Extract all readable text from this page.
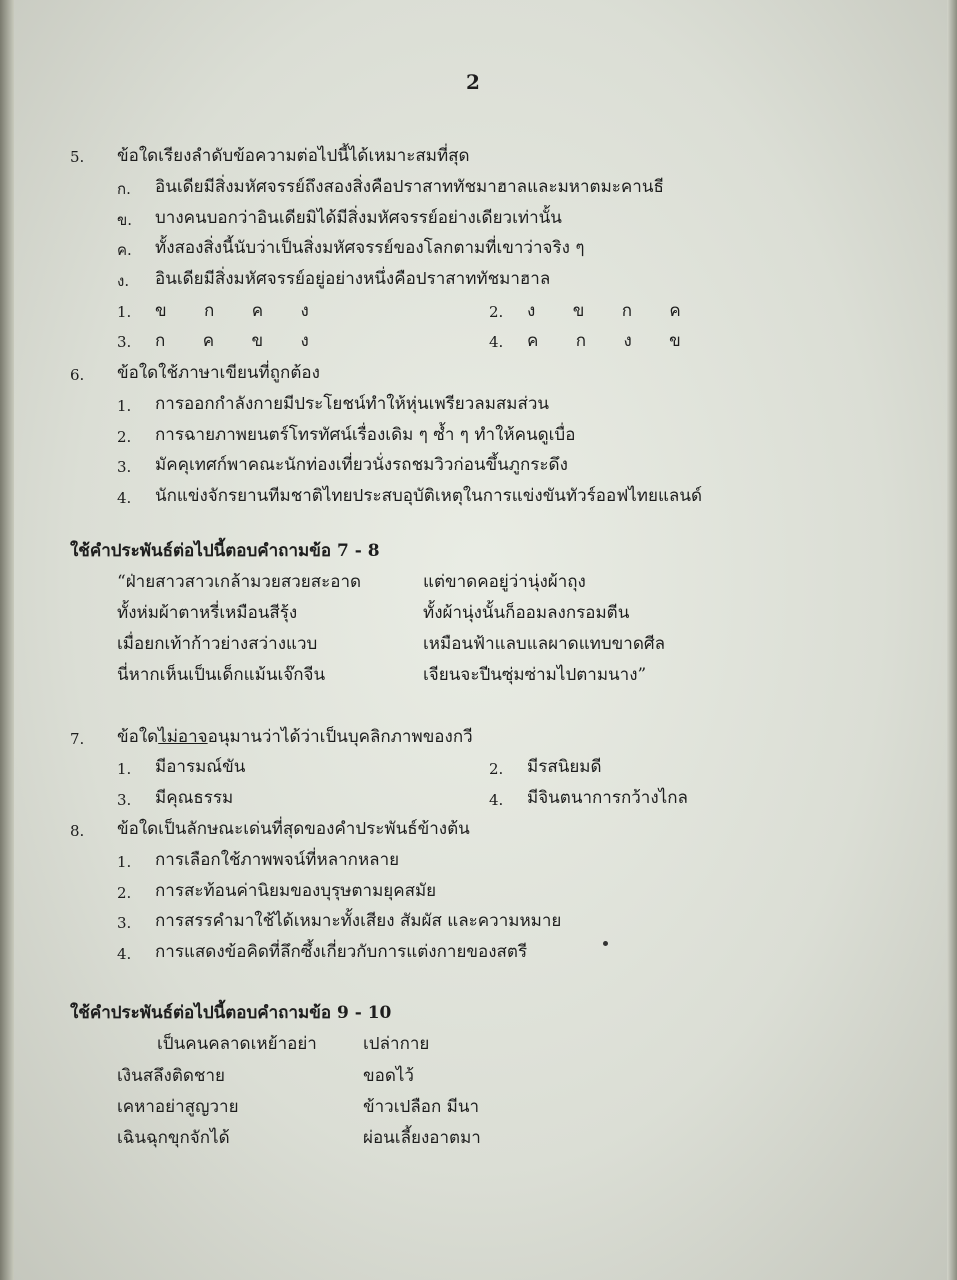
2
5. ข้อใดเรียงลำดับข้อความต่อไปนี้ได้เหมาะสมที่สุด
ก. อินเดียมีสิ่งมหัศจรรย์ถึงสองสิ่งคือปราสาททัชมาฮาลและมหาตมะคานธี
ข. บางคนบอกว่าอินเดียมิได้มีสิ่งมหัศจรรย์อย่างเดียวเท่านั้น
ค. ทั้งสองสิ่งนี้นับว่าเป็นสิ่งมหัศจรรย์ของโลกตามที่เขาว่าจริง ๆ
ง. อินเดียมีสิ่งมหัศจรรย์อยู่อย่างหนึ่งคือปราสาททัชมาฮาล
1. ข ก ค ง	2. ง ข ก ค
3. ก ค ข ง	4. ค ก ง ข
6. ข้อใดใช้ภาษาเขียนที่ถูกต้อง
1. การออกกำลังกายมีประโยชน์ทำให้หุ่นเพรียวลมสมส่วน
2. การฉายภาพยนตร์โทรทัศน์เรื่องเดิม ๆ ซ้ำ ๆ ทำให้คนดูเบื่อ
3. มัคคุเทศก์พาคณะนักท่องเที่ยวนั่งรถชมวิวก่อนขึ้นภูกระดึง
4. นักแข่งจักรยานทีมชาติไทยประสบอุบัติเหตุในการแข่งขันทัวร์ออฟไทยแลนด์
ใช้คำประพันธ์ต่อไปนี้ตอบคำถามข้อ 7 - 8
“ฝ่ายสาวสาวเกล้ามวยสวยสะอาด	แต่ขาดคอยู่ว่านุ่งผ้าถุง
ทั้งห่มผ้าตาหรี่เหมือนสีรุ้ง	ทั้งผ้านุ่งนั้นก็ออมลงกรอมตีน
เมื่อยกเท้าก้าวย่างสว่างแวบ	เหมือนฟ้าแลบแลผาดแทบขาดศีล
นี่หากเห็นเป็นเด็กแม้นเจ๊กจีน	เจียนจะปีนซุ่มซ่ามไปตามนาง”
7. ข้อใดไม่อาจอนุมานว่าได้ว่าเป็นบุคลิกภาพของกวี
1. มีอารมณ์ขัน	2. มีรสนิยมดี
3. มีคุณธรรม	4. มีจินตนาการกว้างไกล
8. ข้อใดเป็นลักษณะเด่นที่สุดของคำประพันธ์ข้างต้น
1. การเลือกใช้ภาพพจน์ที่หลากหลาย
2. การสะท้อนค่านิยมของบุรุษตามยุคสมัย
3. การสรรคำมาใช้ได้เหมาะทั้งเสียง สัมผัส และความหมาย
4. การแสดงข้อคิดที่ลึกซึ้งเกี่ยวกับการแต่งกายของสตรี
ใช้คำประพันธ์ต่อไปนี้ตอบคำถามข้อ 9 - 10
เป็นคนคลาดเหย้าอย่า	เปล่ากาย
เงินสลึงติดชาย	ขอดไว้
เคหาอย่าสูญวาย	ข้าวเปลือก มีนา
เฉินฉุกขุกจักได้	ผ่อนเลี้ยงอาตมา
